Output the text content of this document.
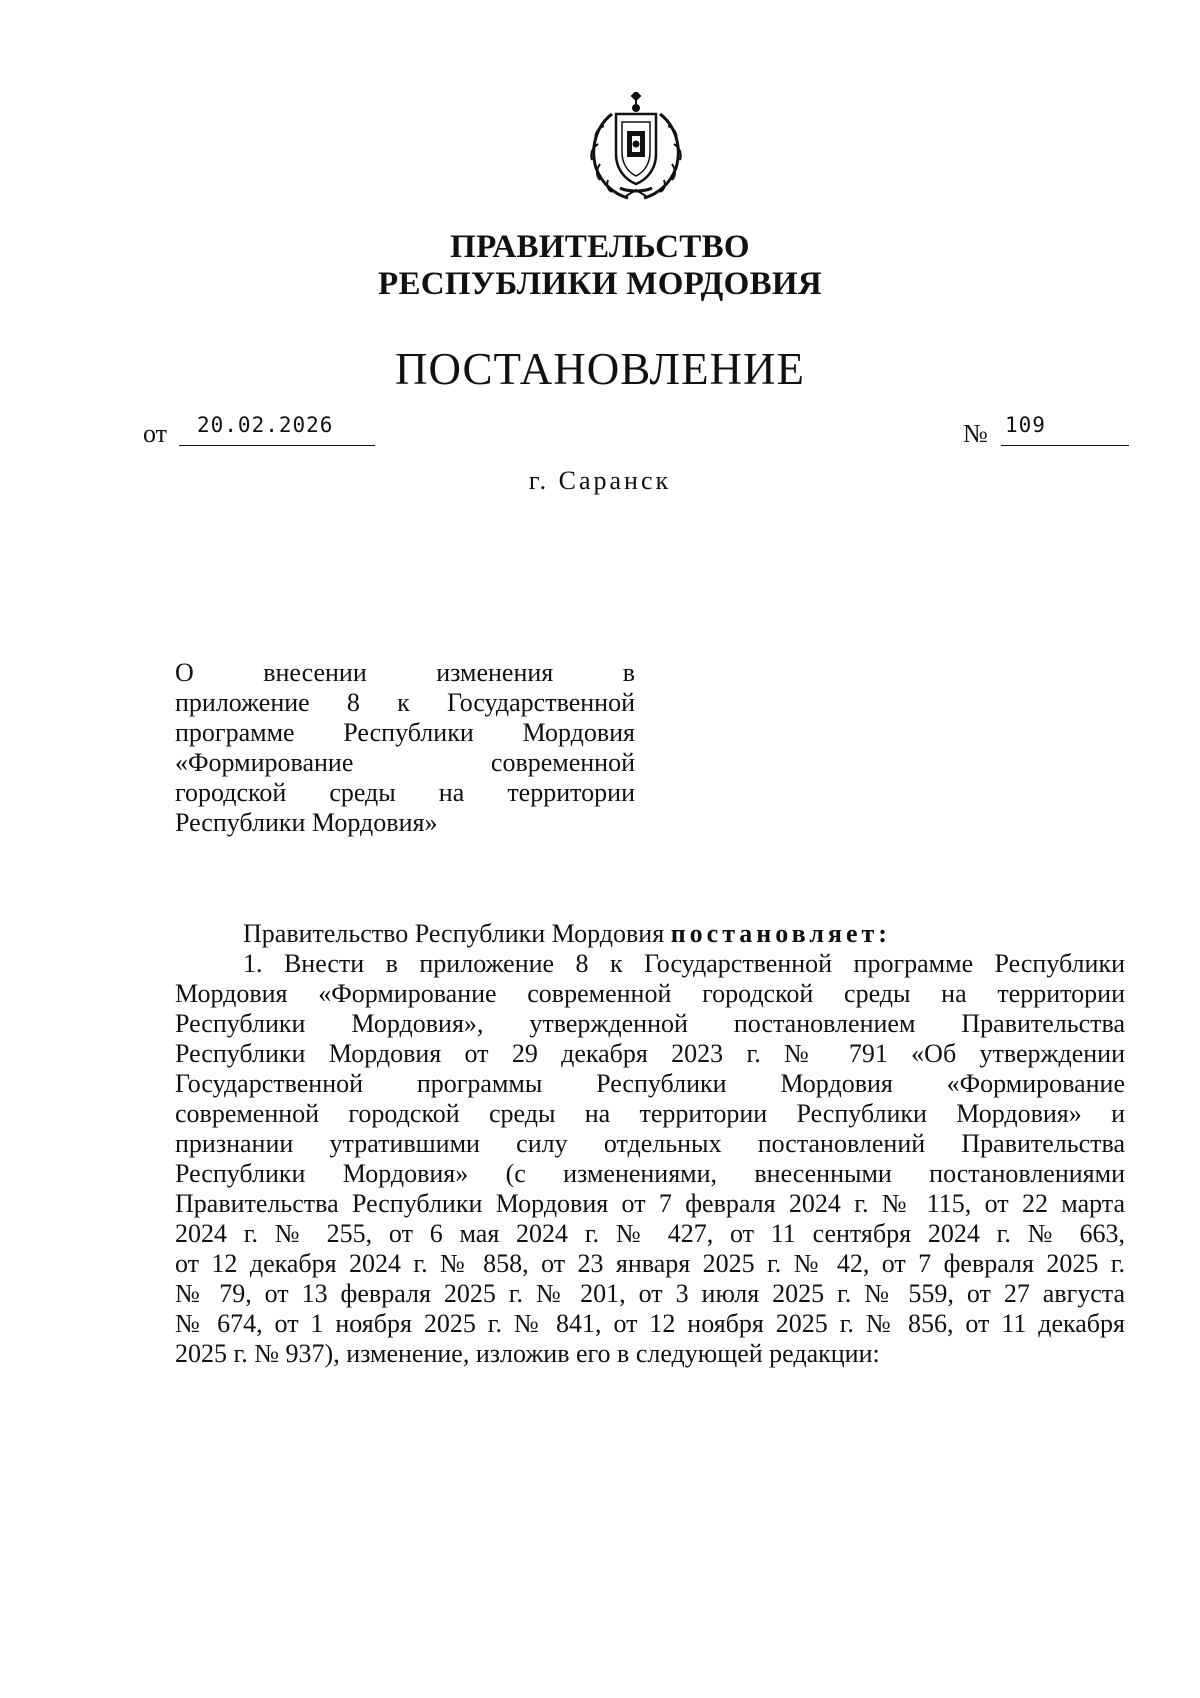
ПРАВИТЕЛЬСТВО
РЕСПУБЛИКИ МОРДОВИЯ
ПОСТАНОВЛЕНИЕ
от 20.02.2026	№ 109
г. Саранск
О внесении изменения в
приложение 8 к Государственной
программе Республики Мордовия
«Формирование современной
городской среды на территории
Республики Мордовия»
Правительство Республики Мордовия постановляет:
1. Внести в приложение 8 к Государственной программе Республики
Мордовия «Формирование современной городской среды на территории
Республики Мордовия», утвержденной постановлением Правительства
Республики Мордовия от 29 декабря 2023 г. № 791 «Об утверждении
Государственной программы Республики Мордовия «Формирование
современной городской среды на территории Республики Мордовия» и
признании утратившими силу отдельных постановлений Правительства
Республики Мордовия» (с изменениями, внесенными постановлениями
Правительства Республики Мордовия от 7 февраля 2024 г. № 115, от 22 марта
2024 г. № 255, от 6 мая 2024 г. № 427, от 11 сентября 2024 г. № 663,
от 12 декабря 2024 г. № 858, от 23 января 2025 г. № 42, от 7 февраля 2025 г.
№ 79, от 13 февраля 2025 г. № 201, от 3 июля 2025 г. № 559, от 27 августа
№ 674, от 1 ноября 2025 г. № 841, от 12 ноября 2025 г. № 856, от 11 декабря
2025 г. № 937), изменение, изложив его в следующей редакции:
